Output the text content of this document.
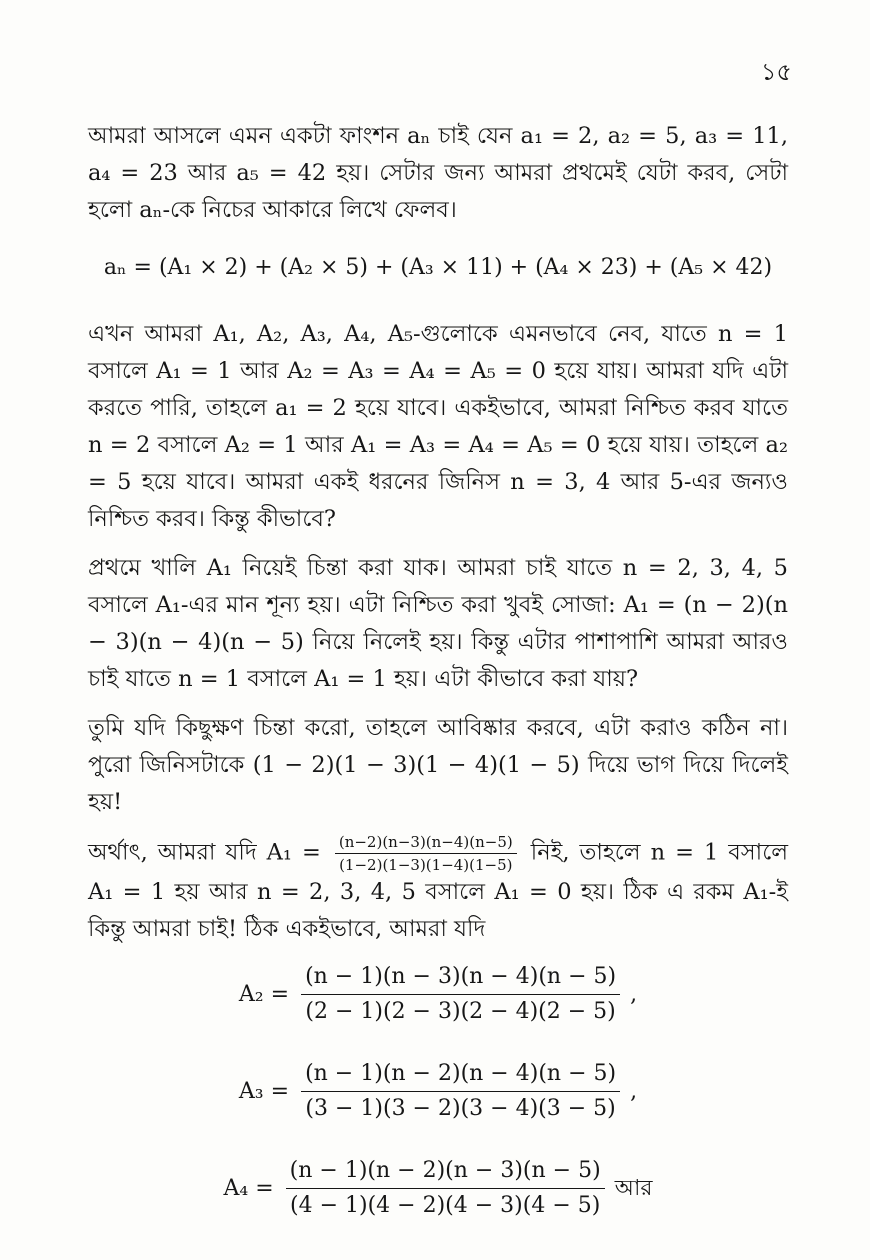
১৫

আমরা আসলে এমন একটা ফাংশন aₙ চাই যেন a₁ = 2, a₂ = 5, a₃ = 11, a₄ = 23 আর a₅ = 42 হয়। সেটার জন্য আমরা প্রথমেই যেটা করব, সেটা হলো aₙ-কে নিচের আকারে লিখে ফেলব।

aₙ = (A₁ × 2) + (A₂ × 5) + (A₃ × 11) + (A₄ × 23) + (A₅ × 42)

এখন আমরা A₁, A₂, A₃, A₄, A₅-গুলোকে এমনভাবে নেব, যাতে n = 1 বসালে A₁ = 1 আর A₂ = A₃ = A₄ = A₅ = 0 হয়ে যায়। আমরা যদি এটা করতে পারি, তাহলে a₁ = 2 হয়ে যাবে। একইভাবে, আমরা নিশ্চিত করব যাতে n = 2 বসালে A₂ = 1 আর A₁ = A₃ = A₄ = A₅ = 0 হয়ে যায়। তাহলে a₂ = 5 হয়ে যাবে। আমরা একই ধরনের জিনিস n = 3, 4 আর 5-এর জন্যও নিশ্চিত করব। কিন্তু কীভাবে?

প্রথমে খালি A₁ নিয়েই চিন্তা করা যাক। আমরা চাই যাতে n = 2, 3, 4, 5 বসালে A₁-এর মান শূন্য হয়। এটা নিশ্চিত করা খুবই সোজা: A₁ = (n − 2)(n − 3)(n − 4)(n − 5) নিয়ে নিলেই হয়। কিন্তু এটার পাশাপাশি আমরা আরও চাই যাতে n = 1 বসালে A₁ = 1 হয়। এটা কীভাবে করা যায়?

তুমি যদি কিছুক্ষণ চিন্তা করো, তাহলে আবিষ্কার করবে, এটা করাও কঠিন না। পুরো জিনিসটাকে (1 − 2)(1 − 3)(1 − 4)(1 − 5) দিয়ে ভাগ দিয়ে দিলেই হয়!

অর্থাৎ, আমরা যদি $A_1 = \frac{(n-2)(n-3)(n-4)(n-5)}{(1-2)(1-3)(1-4)(1-5)}$ নিই, তাহলে n = 1 বসালে A₁ = 1 হয় আর n = 2, 3, 4, 5 বসালে A₁ = 0 হয়। ঠিক এ রকম A₁-ই কিন্তু আমরা চাই! ঠিক একইভাবে, আমরা যদি

$A_2 = \frac{(n - 1)(n - 3)(n - 4)(n - 5)}{(2 - 1)(2 - 3)(2 - 4)(2 - 5)}$ ,
$A_3 = \frac{(n - 1)(n - 2)(n - 4)(n - 5)}{(3 - 1)(3 - 2)(3 - 4)(3 - 5)}$ ,
$A_4 = \frac{(n - 1)(n - 2)(n - 3)(n - 5)}{(4 - 1)(4 - 2)(4 - 3)(4 - 5)}$ আর
